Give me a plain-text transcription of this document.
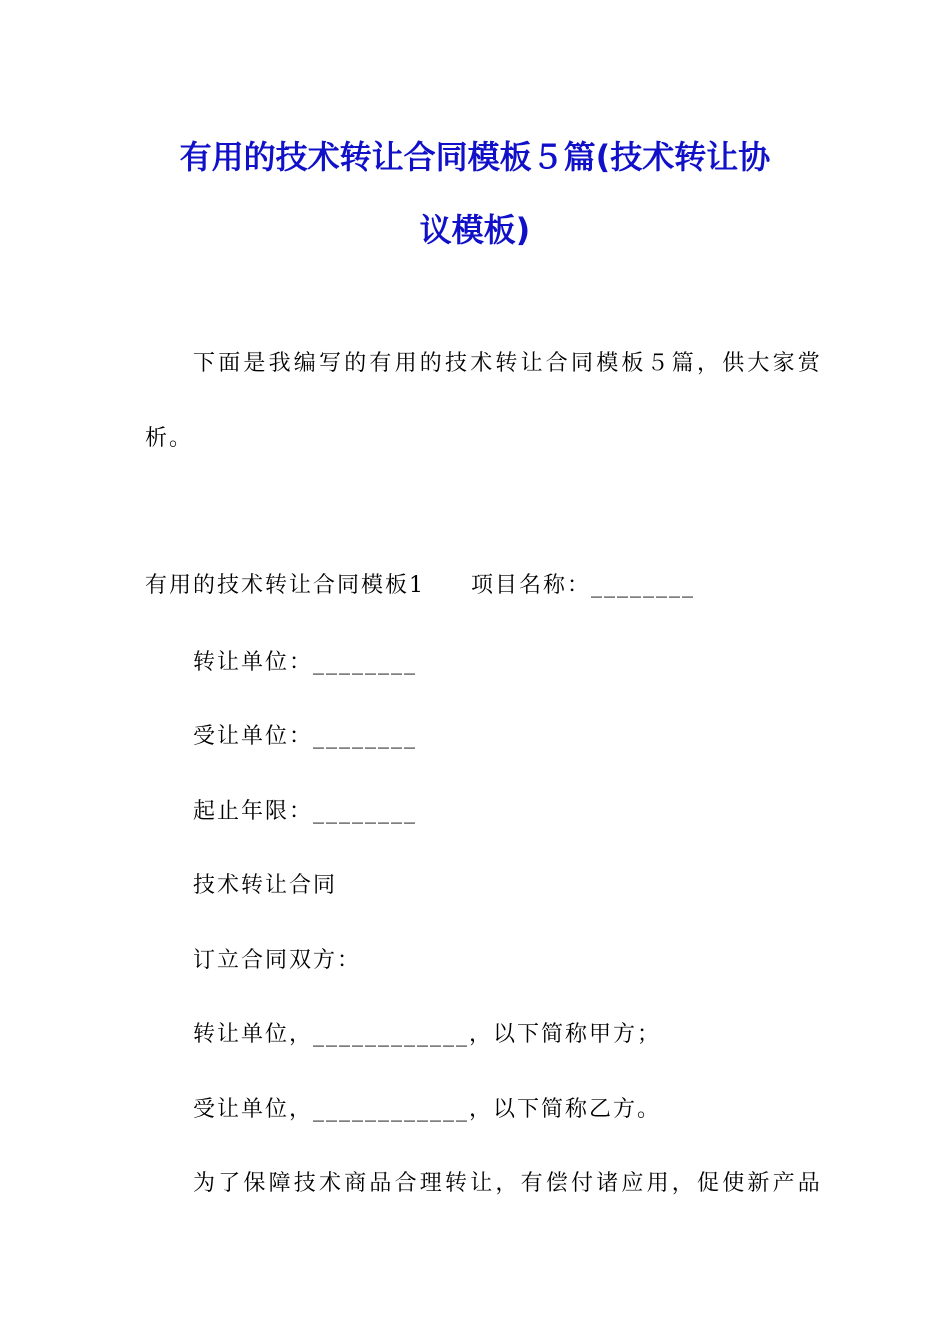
有用的技术转让合同模板５篇(技术转让协
议模板)
下面是我编写的有用的技术转让合同模板５篇，供大家赏
析。
有用的技术转让合同模板1 项目名称：________
转让单位：________
受让单位：________
起止年限：________
技术转让合同
订立合同双方：
转让单位，____________，以下简称甲方；
受让单位，____________，以下简称乙方。
为了保障技术商品合理转让，有偿付诸应用，促使新产品
